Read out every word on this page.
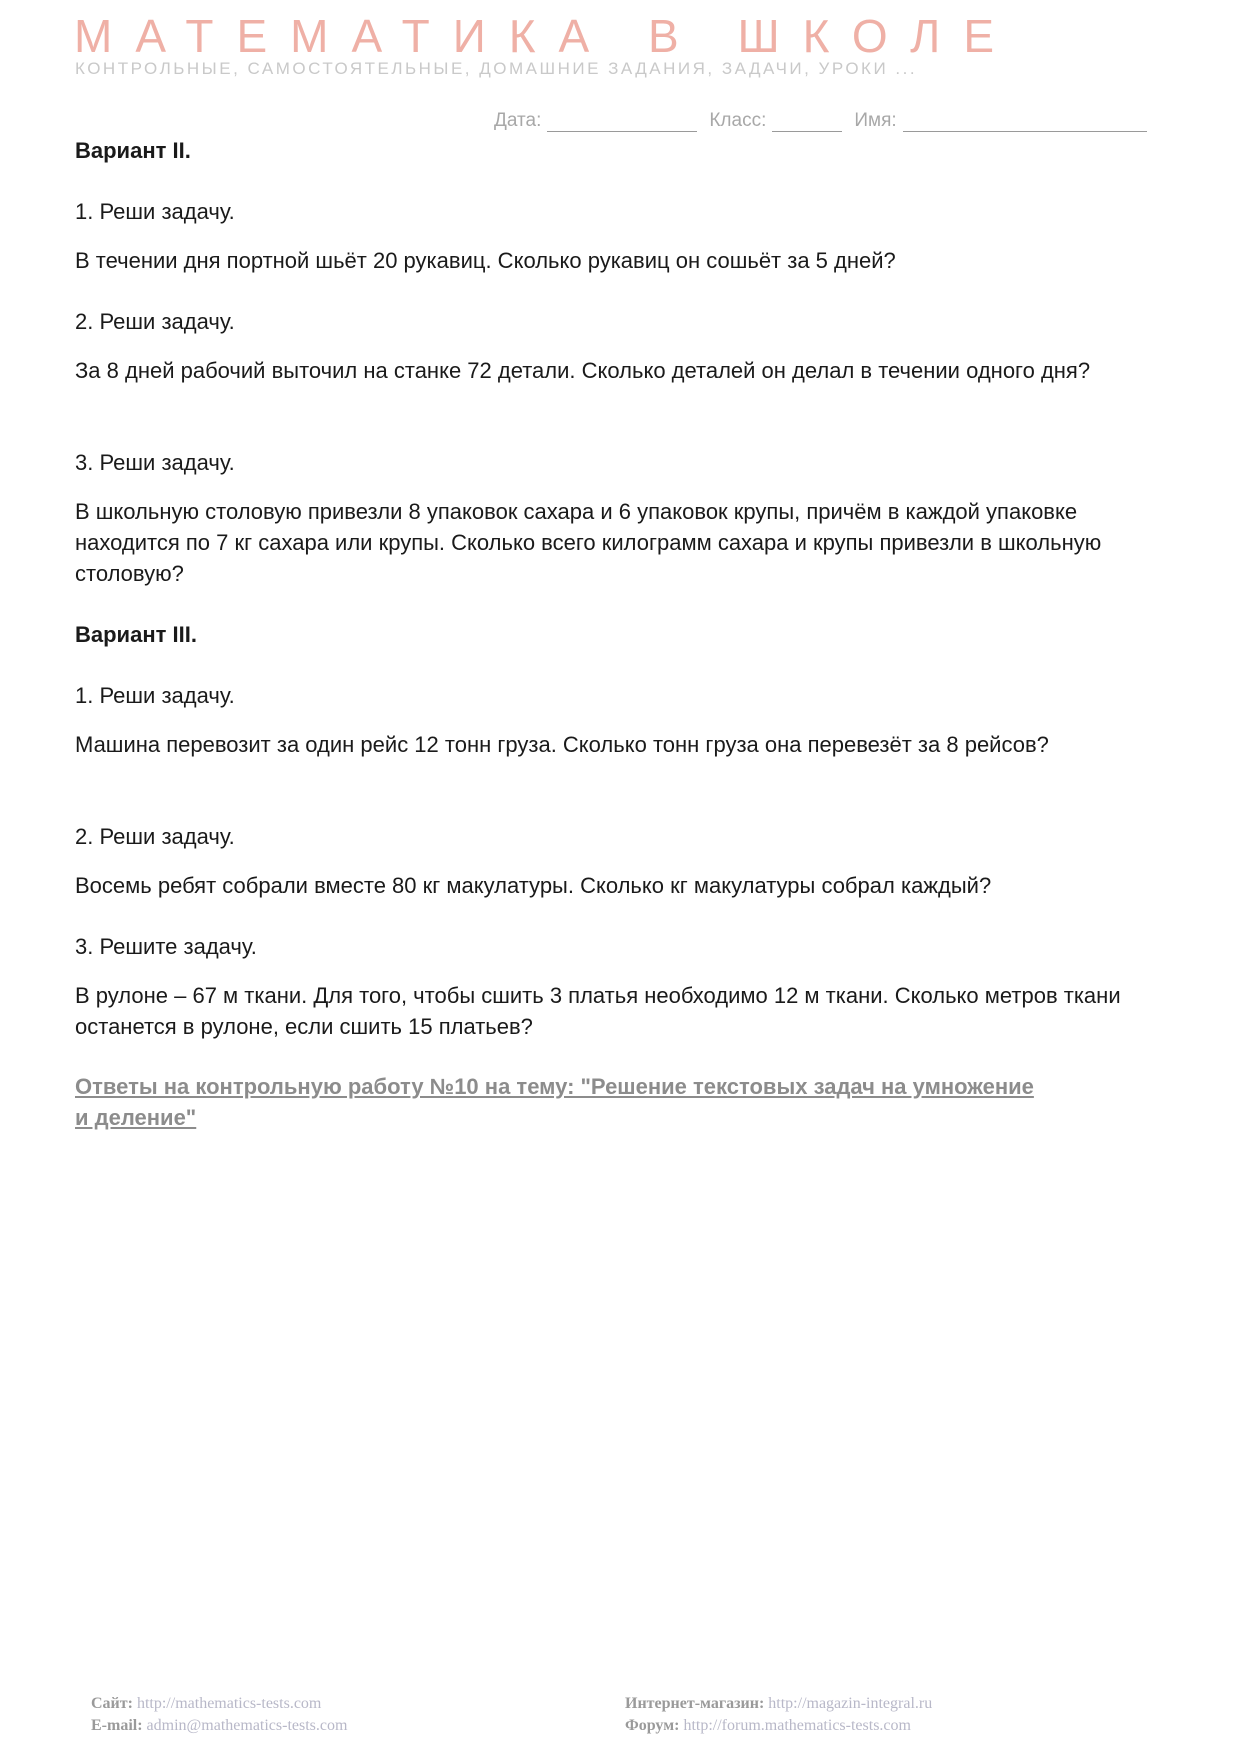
МАТЕМАТИКА В ШКОЛЕ
КОНТРОЛЬНЫЕ, САМОСТОЯТЕЛЬНЫЕ, ДОМАШНИЕ ЗАДАНИЯ, ЗАДАЧИ, УРОКИ ...
Дата:	Класс:	Имя:
Вариант II.

1. Реши задачу.

В течении дня портной шьёт 20 рукавиц. Сколько рукавиц он сошьёт за 5 дней?

2. Реши задачу.

За 8 дней рабочий выточил на станке 72 детали. Сколько деталей он делал в течении одного дня?

3. Реши задачу.

В школьную столовую привезли 8 упаковок сахара и 6 упаковок крупы, причём в каждой упаковке находится по 7 кг сахара или крупы. Сколько всего килограмм сахара и крупы привезли в школьную столовую?

Вариант III.

1. Реши задачу.

Машина перевозит за один рейс 12 тонн груза. Сколько тонн груза она перевезёт за 8 рейсов?

2. Реши задачу.

Восемь ребят собрали вместе 80 кг макулатуры. Сколько кг макулатуры собрал каждый?

3. Решите задачу.

В рулоне – 67 м ткани. Для того, чтобы сшить 3 платья необходимо 12 м ткани. Сколько метров ткани останется в рулоне, если сшить 15 платьев?

Ответы на контрольную работу №10 на тему: "Решение текстовых задач на умножение и деление"
Сайт: http://mathematics-tests.com
E-mail: admin@mathematics-tests.com
Интернет-магазин: http://magazin-integral.ru
Форум: http://forum.mathematics-tests.com
